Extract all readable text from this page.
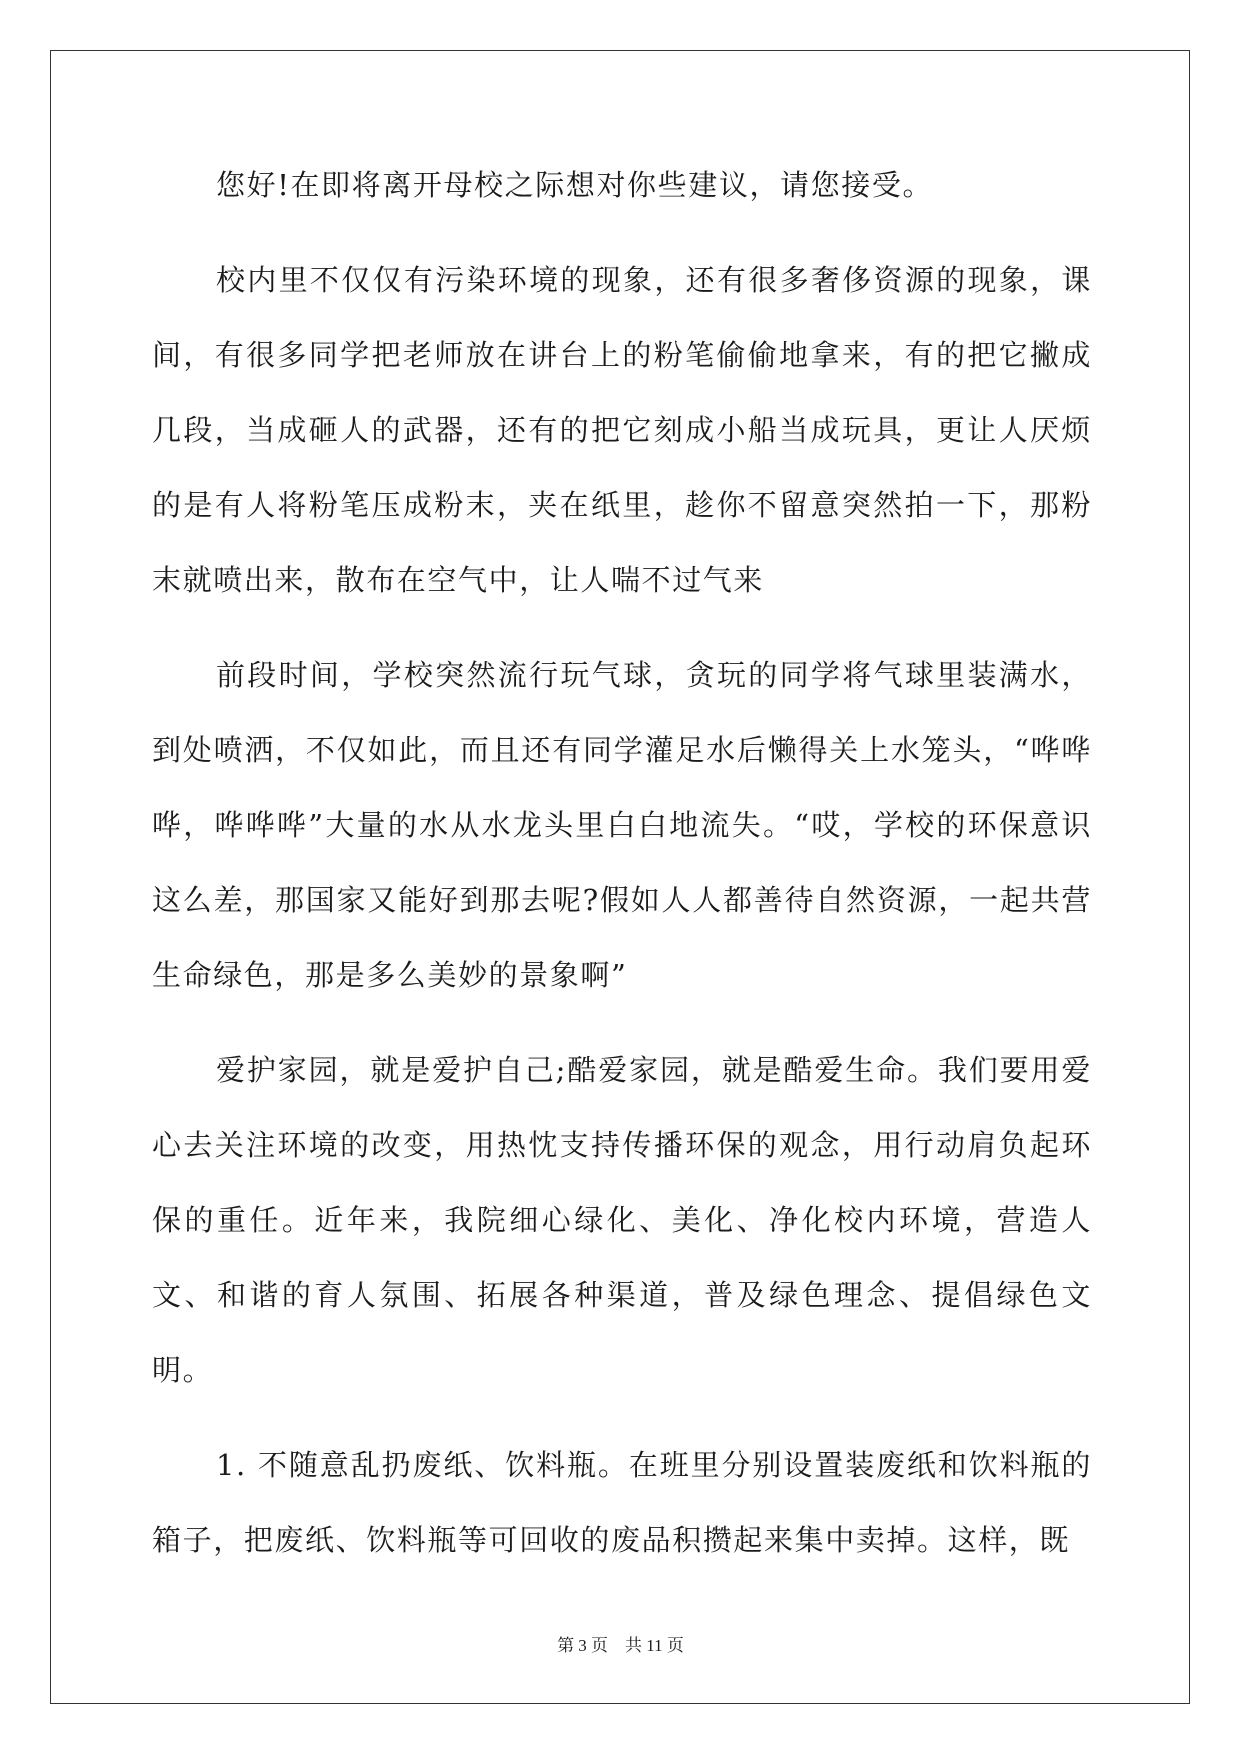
您好!在即将离开母校之际想对你些建议，请您接受。

校内里不仅仅有污染环境的现象，还有很多奢侈资源的现象，课间，有很多同学把老师放在讲台上的粉笔偷偷地拿来，有的把它撇成几段，当成砸人的武器，还有的把它刻成小船当成玩具，更让人厌烦的是有人将粉笔压成粉末，夹在纸里，趁你不留意突然拍一下，那粉末就喷出来，散布在空气中，让人喘不过气来

前段时间，学校突然流行玩气球，贪玩的同学将气球里装满水，到处喷洒，不仅如此，而且还有同学灌足水后懒得关上水笼头，“哗哗哗，哗哗哗”大量的水从水龙头里白白地流失。“哎，学校的环保意识这么差，那国家又能好到那去呢?假如人人都善待自然资源，一起共营生命绿色，那是多么美妙的景象啊”

爱护家园，就是爱护自己;酷爱家园，就是酷爱生命。我们要用爱心去关注环境的改变，用热忱支持传播环保的观念，用行动肩负起环保的重任。近年来，我院细心绿化、美化、净化校内环境，营造人文、和谐的育人氛围、拓展各种渠道，普及绿色理念、提倡绿色文明。

1. 不随意乱扔废纸、饮料瓶。在班里分别设置装废纸和饮料瓶的箱子，把废纸、饮料瓶等可回收的废品积攒起来集中卖掉。这样，既

第 3 页    共 11 页
